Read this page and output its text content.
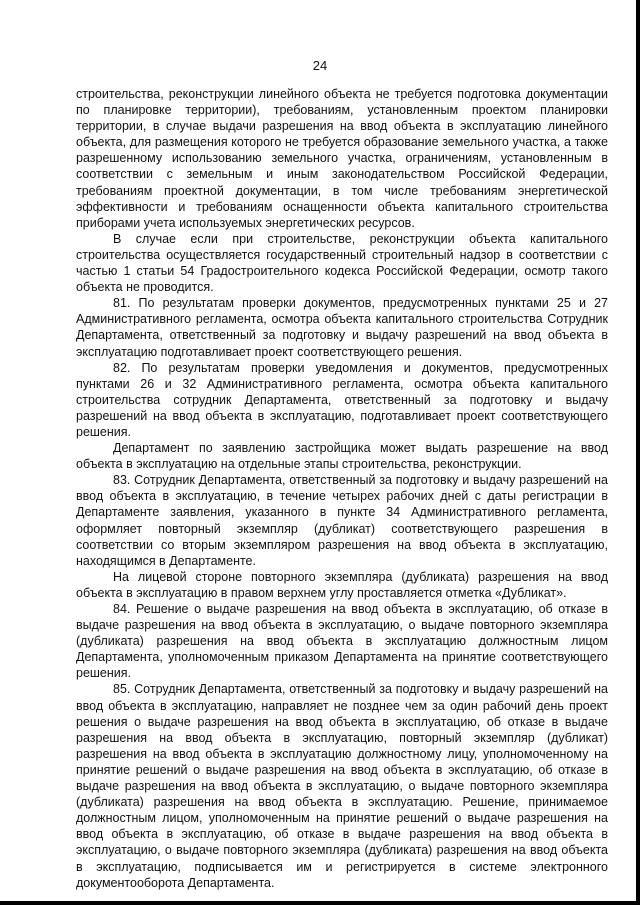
24

строительства, реконструкции линейного объекта не требуется подготовка документации по планировке территории), требованиям, установленным проектом планировки территории, в случае выдачи разрешения на ввод объекта в эксплуатацию линейного объекта, для размещения которого не требуется образование земельного участка, а также разрешенному использованию земельного участка, ограничениям, установленным в соответствии с земельным и иным законодательством Российской Федерации, требованиям проектной документации, в том числе требованиям энергетической эффективности и требованиям оснащенности объекта капитального строительства приборами учета используемых энергетических ресурсов.

В случае если при строительстве, реконструкции объекта капитального строительства осуществляется государственный строительный надзор в соответствии с частью 1 статьи 54 Градостроительного кодекса Российской Федерации, осмотр такого объекта не проводится.

81. По результатам проверки документов, предусмотренных пунктами 25 и 27 Административного регламента, осмотра объекта капитального строительства Сотрудник Департамента, ответственный за подготовку и выдачу разрешений на ввод объекта в эксплуатацию подготавливает проект соответствующего решения.

82. По результатам проверки уведомления и документов, предусмотренных пунктами 26 и 32 Административного регламента, осмотра объекта капитального строительства сотрудник Департамента, ответственный за подготовку и выдачу разрешений на ввод объекта в эксплуатацию, подготавливает проект соответствующего решения.

Департамент по заявлению застройщика может выдать разрешение на ввод объекта в эксплуатацию на отдельные этапы строительства, реконструкции.

83. Сотрудник Департамента, ответственный за подготовку и выдачу разрешений на ввод объекта в эксплуатацию, в течение четырех рабочих дней с даты регистрации в Департаменте заявления, указанного в пункте 34 Административного регламента, оформляет повторный экземпляр (дубликат) соответствующего разрешения в соответствии со вторым экземпляром разрешения на ввод объекта в эксплуатацию, находящимся в Департаменте.

На лицевой стороне повторного экземпляра (дубликата) разрешения на ввод объекта в эксплуатацию в правом верхнем углу проставляется отметка «Дубликат».

84. Решение о выдаче разрешения на ввод объекта в эксплуатацию, об отказе в выдаче разрешения на ввод объекта в эксплуатацию, о выдаче повторного экземпляра (дубликата) разрешения на ввод объекта в эксплуатацию должностным лицом Департамента, уполномоченным приказом Департамента на принятие соответствующего решения.

85. Сотрудник Департамента, ответственный за подготовку и выдачу разрешений на ввод объекта в эксплуатацию, направляет не позднее чем за один рабочий день проект решения о выдаче разрешения на ввод объекта в эксплуатацию, об отказе в выдаче разрешения на ввод объекта в эксплуатацию, повторный экземпляр (дубликат) разрешения на ввод объекта в эксплуатацию должностному лицу, уполномоченному на принятие решений о выдаче разрешения на ввод объекта в эксплуатацию, об отказе в выдаче разрешения на ввод объекта в эксплуатацию, о выдаче повторного экземпляра (дубликата) разрешения на ввод объекта в эксплуатацию. Решение, принимаемое должностным лицом, уполномоченным на принятие решений о выдаче разрешения на ввод объекта в эксплуатацию, об отказе в выдаче разрешения на ввод объекта в эксплуатацию, о выдаче повторного экземпляра (дубликата) разрешения на ввод объекта в эксплуатацию, подписывается им и регистрируется в системе электронного документооборота Департамента.
